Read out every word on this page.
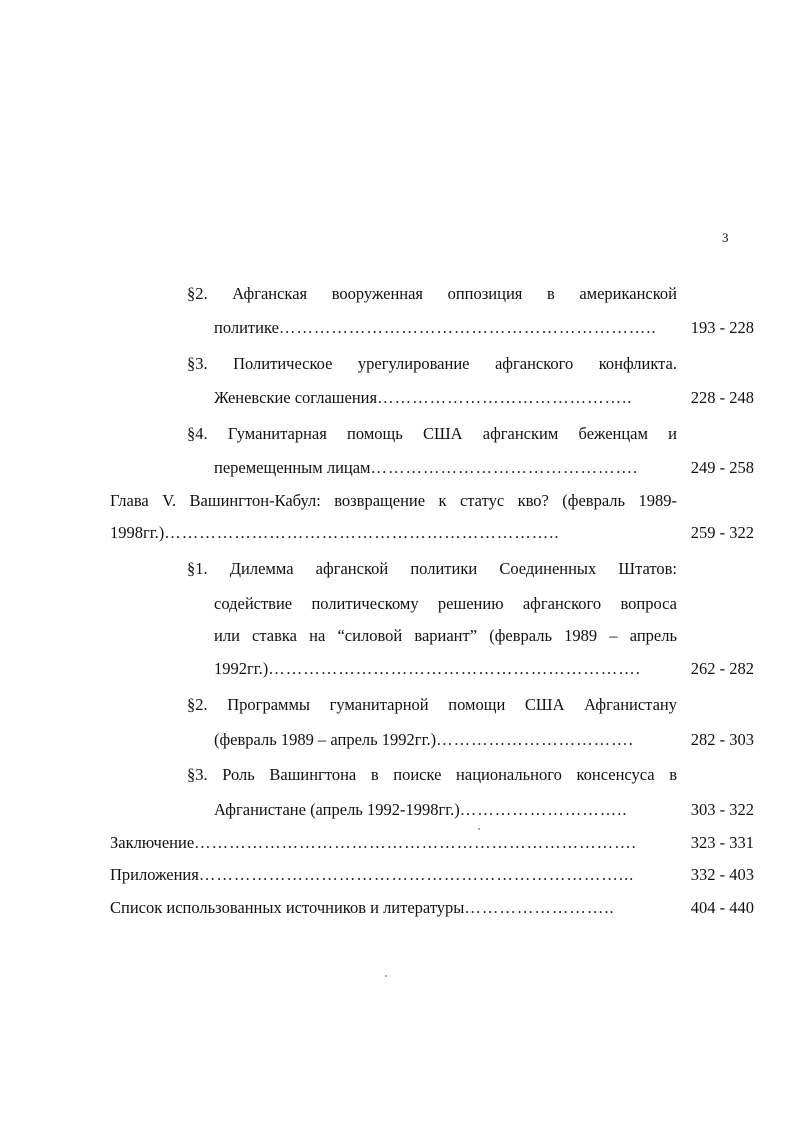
3
§2. Афганская вооруженная оппозиция в американской
политике ………………………………………………………..	193 - 228
§3. Политическое урегулирование афганского конфликта.
Женевские соглашения ……………………………………..	228 - 248
§4. Гуманитарная помощь США афганским беженцам и
перемещенным лицам ……………………………………….	249 - 258
Глава V. Вашингтон-Кабул: возвращение к статус кво? (февраль 1989-
1998гг.) …………………………………………………………..	259 - 322
§1. Дилемма афганской политики Соединенных Штатов:
содействие политическому решению афганского вопроса
или ставка на “силовой вариант” (февраль 1989 – апрель
1992гг.) ……………………………………………………….	262 - 282
§2. Программы гуманитарной помощи США Афганистану
(февраль 1989 – апрель 1992гг.) …………………………….	282 - 303
§3. Роль Вашингтона в поиске национального консенсуса в
Афганистане (апрель 1992-1998гг.) ………………………..	303 - 322
Заключение ………………………………………………………………….	323 - 331
Приложения ………………………………………………………………...	332 - 403
Список использованных источников и литературы ……………………..	404 - 440
